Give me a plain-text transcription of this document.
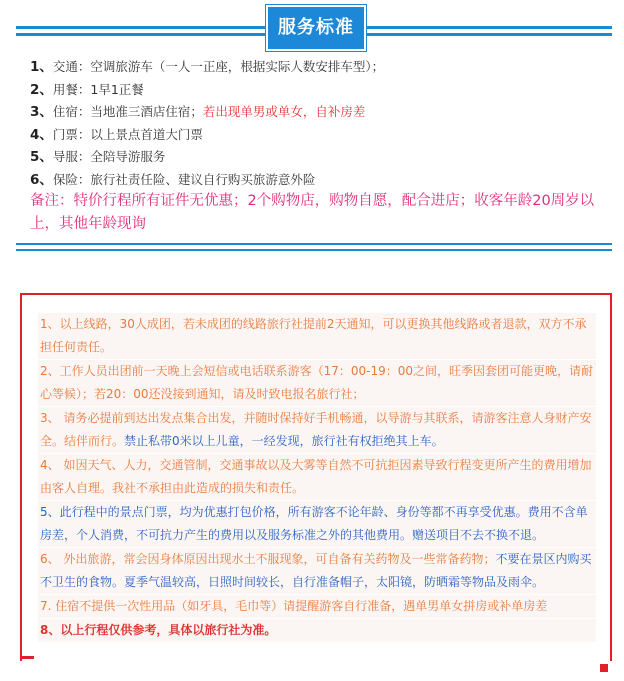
服务标准
1、交通：空调旅游车（一人一正座，根据实际人数安排车型）；
2、用餐：1早1正餐
3、住宿：当地准三酒店住宿；若出现单男或单女，自补房差
4、门票：以上景点首道大门票
5、导服：全陪导游服务
6、保险：旅行社责任险、建议自行购买旅游意外险
备注：特价行程所有证件无优惠；2个购物店，购物自愿，配合进店；收客年龄20周岁以上，其他年龄现询

1、以上线路，30人成团，若未成团的线路旅行社提前2天通知，可以更换其他线路或者退款，双方不承担任何责任。

2、工作人员出团前一天晚上会短信或电话联系游客（17：00-19：00之间，旺季因套团可能更晚，请耐心等候）；若20：00还没接到通知，请及时致电报名旅行社；

3、 请务必提前到达出发点集合出发，并随时保持好手机畅通，以导游与其联系，请游客注意人身财产安全。结伴而行。禁止私带0米以上儿童，一经发现，旅行社有权拒绝其上车。

4、 如因天气、人力，交通管制，交通事故以及大雾等自然不可抗拒因素导致行程变更所产生的费用增加由客人自理。我社不承担由此造成的损失和责任。

5、此行程中的景点门票，均为优惠打包价格，所有游客不论年龄、身份等都不再享受优惠。费用不含单房差，个人消费，不可抗力产生的费用以及服务标准之外的其他费用。赠送项目不去不换不退。

6、 外出旅游，常会因身体原因出现水土不服现象，可自备有关药物及一些常备药物；不要在景区内购买不卫生的食物。夏季气温较高，日照时间较长，自行准备帽子，太阳镜，防晒霜等物品及雨伞。

7. 住宿不提供一次性用品（如牙具，毛巾等）请提醒游客自行准备，遇单男单女拼房或补单房差

8、以上行程仅供参考，具体以旅行社为准。
